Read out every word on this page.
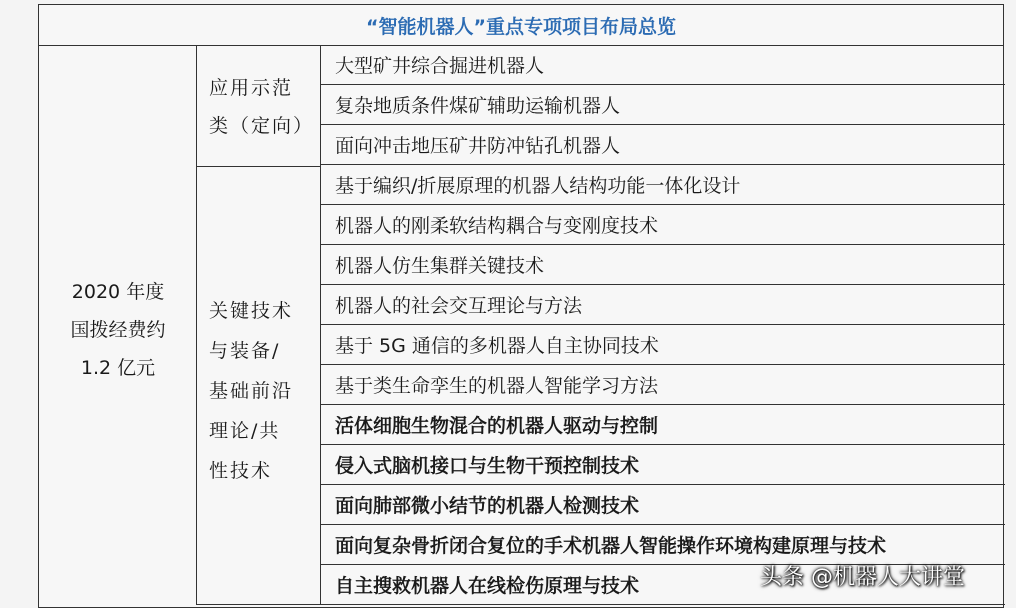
“智能机器人”重点专项项目布局总览
2020 年度
国拨经费约
1.2 亿元
应用示范
类（定向）
关键技术
与装备/
基础前沿
理论/共
性技术
大型矿井综合掘进机器人
复杂地质条件煤矿辅助运输机器人
面向冲击地压矿井防冲钻孔机器人
基于编织/折展原理的机器人结构功能一体化设计
机器人的刚柔软结构耦合与变刚度技术
机器人仿生集群关键技术
机器人的社会交互理论与方法
基于 5G 通信的多机器人自主协同技术
基于类生命孪生的机器人智能学习方法
活体细胞生物混合的机器人驱动与控制
侵入式脑机接口与生物干预控制技术
面向肺部微小结节的机器人检测技术
面向复杂骨折闭合复位的手术机器人智能操作环境构建原理与技术
自主搜救机器人在线检伤原理与技术	头条 @机器人大讲堂
